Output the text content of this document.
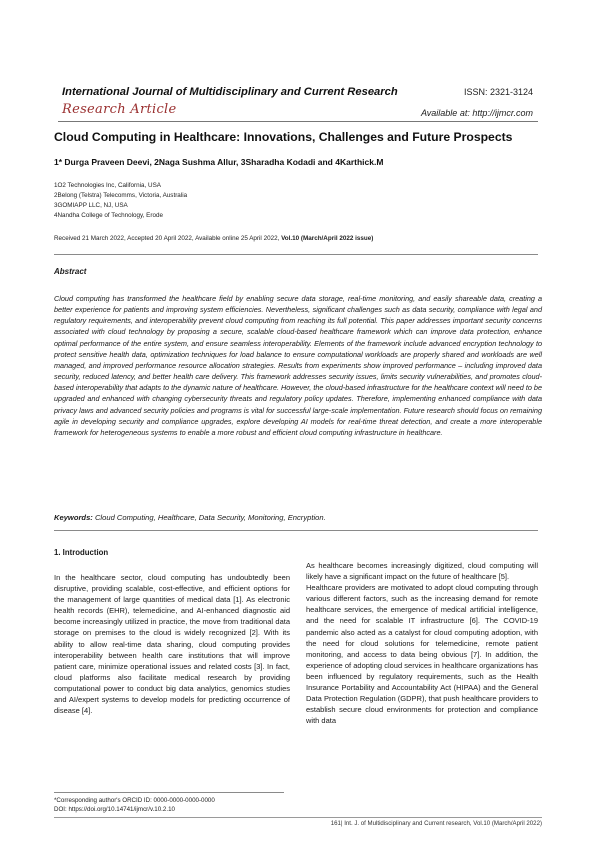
International Journal of Multidisciplinary and Current Research	ISSN: 2321-3124
Research Article	Available at: http://ijmcr.com
Cloud Computing in Healthcare: Innovations, Challenges and Future Prospects
1* Durga Praveen Deevi, 2Naga Sushma Allur, 3Sharadha Kodadi and 4Karthick.M
1O2 Technologies Inc, California, USA
2Belong (Telstra) Telecomms, Victoria, Australia
3GOMIAPP LLC, NJ, USA
4Nandha College of Technology, Erode
Received 21 March 2022, Accepted 20 April 2022, Available online 25 April 2022, Vol.10 (March/April 2022 issue)
Abstract
Cloud computing has transformed the healthcare field by enabling secure data storage, real-time monitoring, and easily shareable data, creating a better experience for patients and improving system efficiencies. Nevertheless, significant challenges such as data security, compliance with legal and regulatory requirements, and interoperability prevent cloud computing from reaching its full potential. This paper addresses important security concerns associated with cloud technology by proposing a secure, scalable cloud-based healthcare framework which can improve data protection, enhance optimal performance of the entire system, and ensure seamless interoperability. Elements of the framework include advanced encryption technology to protect sensitive health data, optimization techniques for load balance to ensure computational workloads are properly shared and workloads are well managed, and improved performance resource allocation strategies. Results from experiments show improved performance – including improved data security, reduced latency, and better health care delivery. This framework addresses security issues, limits security vulnerabilities, and promotes cloud-based interoperability that adapts to the dynamic nature of healthcare. However, the cloud-based infrastructure for the healthcare context will need to be upgraded and enhanced with changing cybersecurity threats and regulatory policy updates. Therefore, implementing enhanced compliance with data privacy laws and advanced security policies and programs is vital for successful large-scale implementation. Future research should focus on remaining agile in developing security and compliance upgrades, explore developing AI models for real-time threat detection, and create a more interoperable framework for heterogeneous systems to enable a more robust and efficient cloud computing infrastructure in healthcare.
Keywords: Cloud Computing, Healthcare, Data Security, Monitoring, Encryption.
1. Introduction

In the healthcare sector, cloud computing has undoubtedly been disruptive, providing scalable, cost-effective, and efficient options for the management of large quantities of medical data [1]. As electronic health records (EHR), telemedicine, and AI-enhanced diagnostic aid become increasingly utilized in practice, the move from traditional data storage on premises to the cloud is widely recognized [2]. With its ability to allow real-time data sharing, cloud computing provides interoperability between health care institutions that will improve patient care, minimize operational issues and related costs [3]. In fact, cloud platforms also facilitate medical research by providing computational power to conduct big data analytics, genomics studies and AI/expert systems to develop models for predicting occurrence of disease [4].

As healthcare becomes increasingly digitized, cloud computing will likely have a significant impact on the future of healthcare [5].

Healthcare providers are motivated to adopt cloud computing through various different factors, such as the increasing demand for remote healthcare services, the emergence of medical artificial intelligence, and the need for scalable IT infrastructure [6]. The COVID-19 pandemic also acted as a catalyst for cloud computing adoption, with the need for cloud solutions for telemedicine, remote patient monitoring, and access to data being obvious [7]. In addition, the experience of adopting cloud services in healthcare organizations has been influenced by regulatory requirements, such as the Health Insurance Portability and Accountability Act (HIPAA) and the General Data Protection Regulation (GDPR), that push healthcare providers to establish secure cloud environments for protection and compliance with data

*Corresponding author's ORCID ID: 0000-0000-0000-0000
DOI: https://doi.org/10.14741/ijmcr/v.10.2.10
161| Int. J. of Multidisciplinary and Current research, Vol.10 (March/April 2022)
